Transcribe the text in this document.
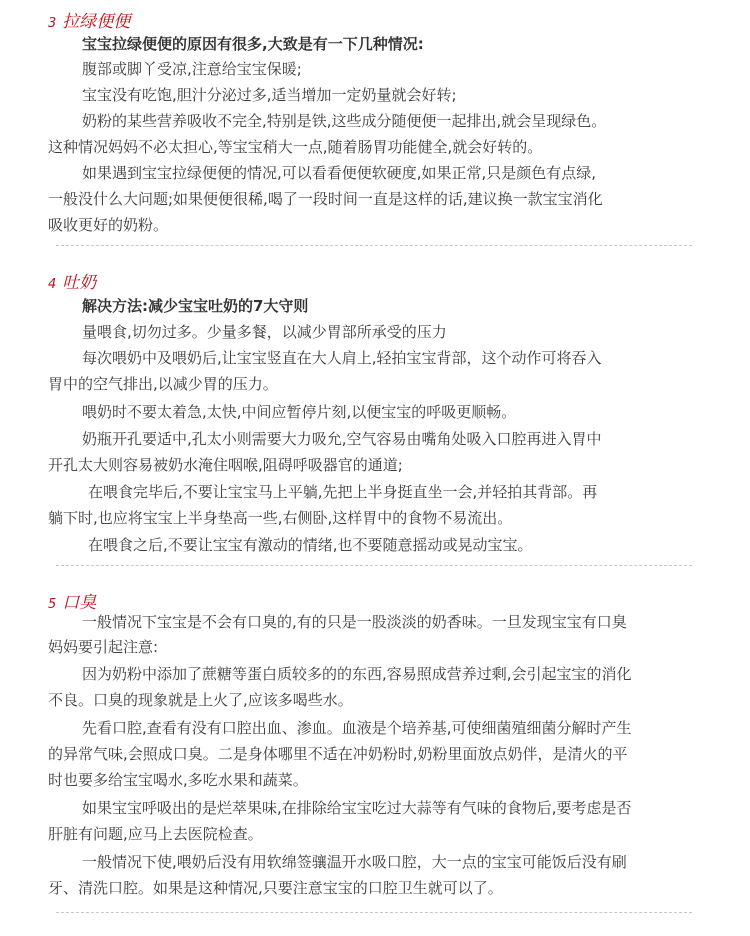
3 拉绿便便
宝宝拉绿便便的原因有很多,大致是有一下几种情况:
腹部或脚丫受凉,注意给宝宝保暖;
宝宝没有吃饱,胆汁分泌过多,适当增加一定奶量就会好转;
奶粉的某些营养吸收不完全,特别是铁,这些成分随便便一起排出,就会呈现绿色。
这种情况妈妈不必太担心,等宝宝稍大一点,随着肠胃功能健全,就会好转的。
如果遇到宝宝拉绿便便的情况,可以看看便便软硬度,如果正常,只是颜色有点绿,
一般没什么大问题;如果便便很稀,喝了一段时间一直是这样的话,建议换一款宝宝消化
吸收更好的奶粉。
4 吐奶
解决方法:减少宝宝吐奶的7大守则
量喂食,切勿过多。少量多餐，以减少胃部所承受的压力
每次喂奶中及喂奶后,让宝宝竖直在大人肩上,轻拍宝宝背部，这个动作可将吞入
胃中的空气排出,以减少胃的压力。
喂奶时不要太着急,太快,中间应暂停片刻,以便宝宝的呼吸更顺畅。
奶瓶开孔要适中,孔太小则需要大力吸允,空气容易由嘴角处吸入口腔再进入胃中
开孔太大则容易被奶水淹住咽喉,阻碍呼吸器官的通道;
在喂食完毕后,不要让宝宝马上平躺,先把上半身挺直坐一会,并轻拍其背部。再
躺下时,也应将宝宝上半身垫高一些,右侧卧,这样胃中的食物不易流出。
在喂食之后,不要让宝宝有激动的情绪,也不要随意摇动或晃动宝宝。
5 口臭
一般情况下宝宝是不会有口臭的,有的只是一股淡淡的奶香味。一旦发现宝宝有口臭
妈妈要引起注意:
因为奶粉中添加了蔗糖等蛋白质较多的的东西,容易照成营养过剩,会引起宝宝的消化
不良。口臭的现象就是上火了,应该多喝些水。
先看口腔,查看有没有口腔出血、渗血。血液是个培养基,可使细菌殖细菌分解时产生
的异常气味,会照成口臭。二是身体哪里不适在冲奶粉时,奶粉里面放点奶伴，是清火的平
时也要多给宝宝喝水,多吃水果和蔬菜。
如果宝宝呼吸出的是烂萃果味,在排除给宝宝吃过大蒜等有气味的食物后,要考虑是否
肝脏有问题,应马上去医院检查。
一般情况下使,喂奶后没有用软绵签骧温开水吸口腔，大一点的宝宝可能饭后没有刷
牙、清洗口腔。如果是这种情况,只要注意宝宝的口腔卫生就可以了。
